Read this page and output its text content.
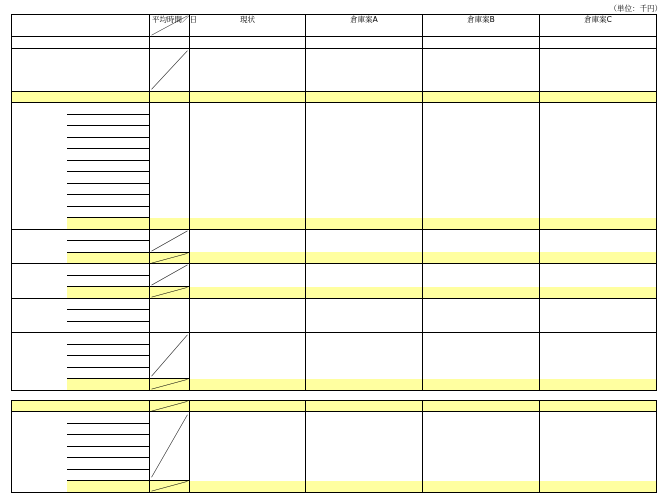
（単位：千円）

		平均時間／日	現状	倉庫案A	倉庫案B	倉庫案C
